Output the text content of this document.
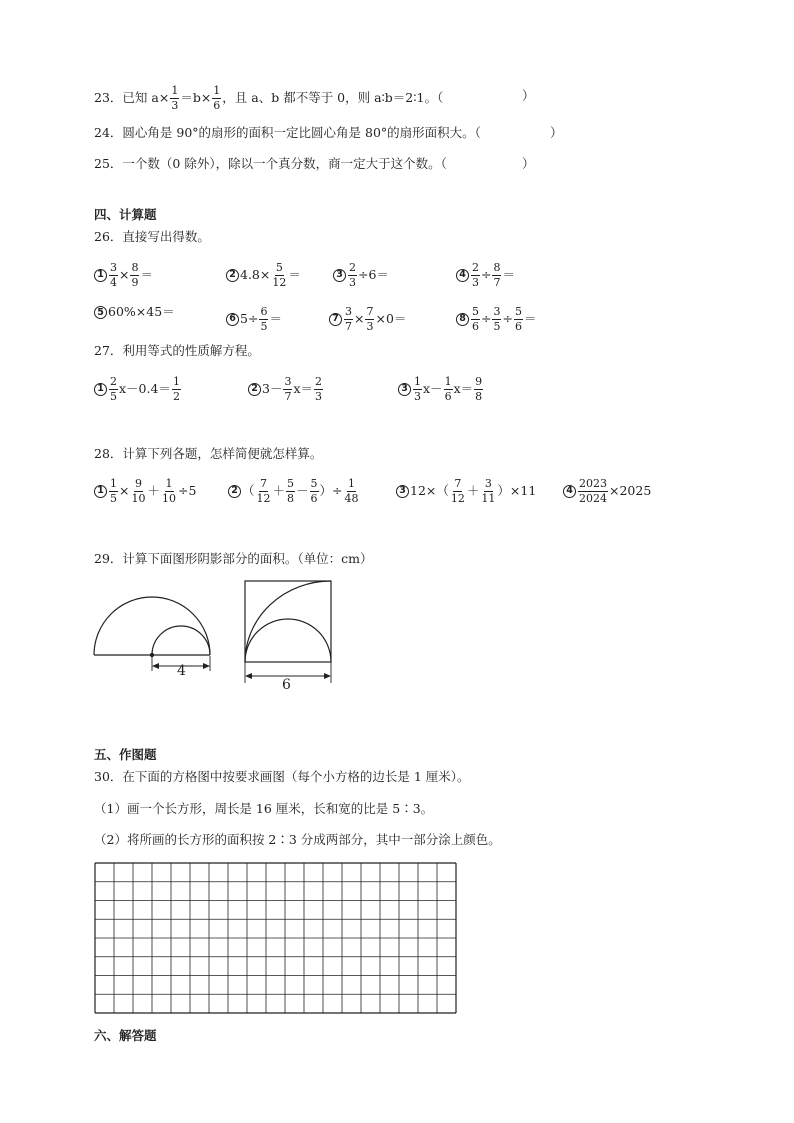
23．已知 $a\times \frac{1}{3} =b\times \frac{1}{6}$ ，且 a、b 都不等于 0，则 a∶b＝2∶1。（	）
24．圆心角是 90°的扇形的面积一定比圆心角是 80°的扇形面积大。（	）
25．一个数（0 除外），除以一个真分数，商一定大于这个数。（	）
四、计算题
26．直接写出得数。
$1 \frac{3}{4} \times \frac{8}{9}$ ＝	2 $4.8\times \frac{5}{12}$ ＝	$3 \frac{2}{3} \div 6=$	$4 \frac{2}{3} \div \frac{8}{7}$ ＝
5 60%×45＝	6 $5\div \frac{6}{5}$ ＝	$7 \frac{3}{7} \times \frac{7}{3} \times 0=$	$8 \frac{5}{6} \div \frac{3}{5} \div \frac{5}{6}$ ＝
27．利用等式的性质解方程。
$1 \frac{2}{5} x-0.4= \frac{1}{2}$	2 $3- \frac{3}{7} x= \frac{2}{3}$	$3 \frac{1}{3} x- \frac{1}{6} x= \frac{9}{8}$
28．计算下列各题，怎样简便就怎样算。
$1 \frac{1}{5} \times \frac{9}{10} + \frac{1}{10} \div 5$	2 （ $\frac{7}{12} + \frac{5}{8} - \frac{5}{6}$ ）÷ $\frac{1}{48}$	3 $12\times( \frac{7}{12} + \frac{3}{11} )\times 11$	$4 \frac{2023}{2024} \times 2025$
29．计算下面图形阴影部分的面积。（单位：cm）
4
6
五、作图题
30．在下面的方格图中按要求画图（每个小方格的边长是 1 厘米）。
（1）画一个长方形，周长是 16 厘米，长和宽的比是 5∶3。
（2）将所画的长方形的面积按 2∶3 分成两部分，其中一部分涂上颜色。
六、解答题
